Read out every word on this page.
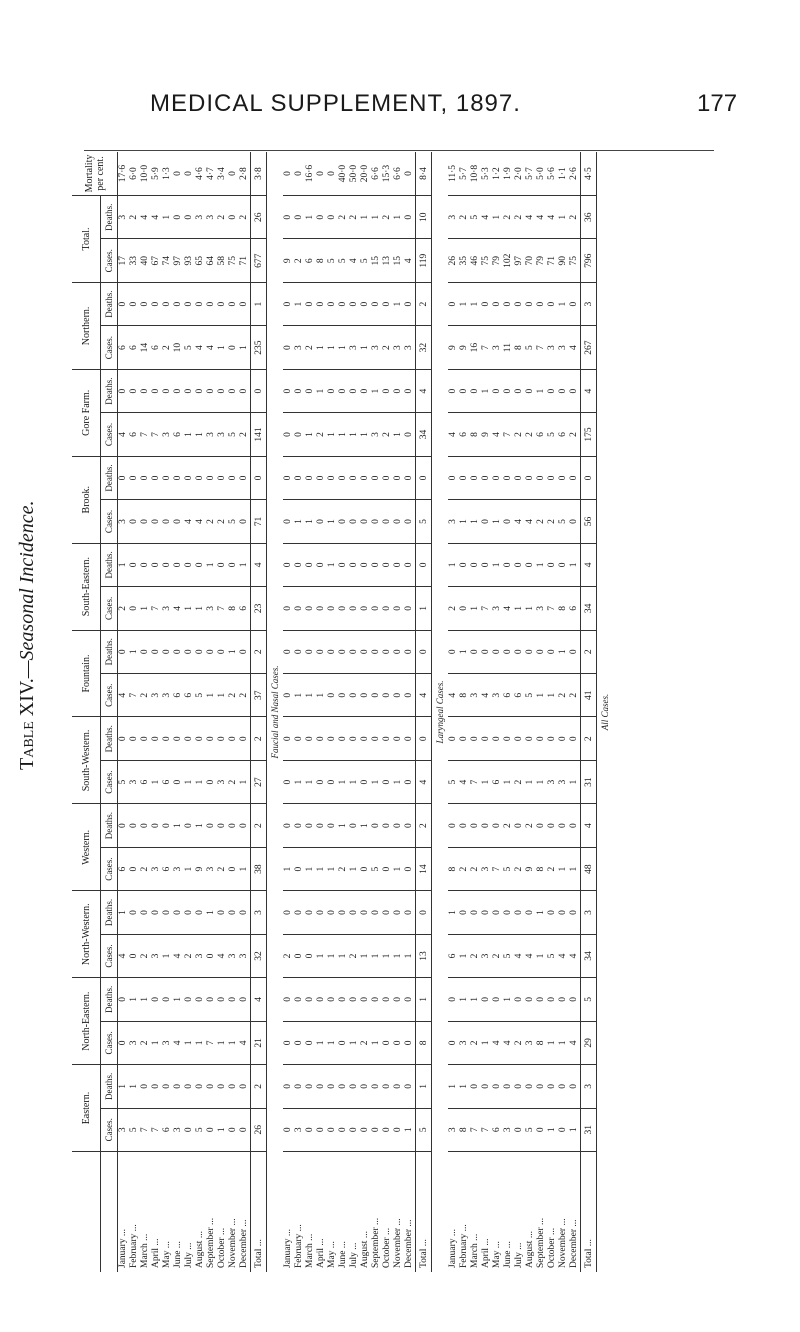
MEDICAL SUPPLEMENT, 1897.	177
Table XIV.—Seasonal Incidence.
	Eastern.		North-Eastern.		North-Western.		Western.		South-Western.		Fountain.		South-Eastern.		Brook.		Gore Farm.		Northern.		Total.		Mortality per cent.
	Cases.	Deaths.	Cases.	Deaths.	Cases.	Deaths.	Cases.	Deaths.	Cases.	Deaths.	Cases.	Deaths.	Cases.	Deaths.	Cases.	Deaths.	Cases.	Deaths.	Cases.	Deaths.	Cases.	Deaths.	
January ...	3	1	0	0	4	1	6	0	5	0	4	0	2	1	3	0	4	0	6	0	17	3	17·6
February ...	5	1	3	1	0	0	0	0	3	0	7	1	0	0	0	0	6	0	6	0	33	2	6·0
March ...	7	0	2	1	2	0	2	0	6	0	2	0	1	0	0	0	7	0	14	0	40	4	10·0
April ...	7	0	1	0	3	0	3	0	1	0	3	0	7	0	0	0	7	0	6	0	67	4	5·9
May ...	6	0	3	0	1	0	6	0	6	0	3	0	3	0	0	0	3	0	2	0	74	1	1·3
June ...	3	0	4	1	4	0	3	1	0	0	6	0	4	0	0	0	6	0	10	0	97	0	0
July ...	0	0	1	0	2	0	1	0	1	0	6	0	1	0	4	0	1	0	5	0	93	0	0
August ...	5	0	1	0	3	0	9	1	1	0	5	0	1	0	4	0	1	0	4	0	65	3	4·6
September ...	0	0	7	0	0	1	3	0	0	0	1	0	3	1	2	0	3	0	4	0	64	3	4·7
October ...	1	0	1	0	4	0	2	0	3	0	1	0	7	0	2	0	3	0	1	0	58	2	3·4
November ...	0	0	1	0	3	0	0	0	2	0	2	1	8	0	5	0	5	0	0	0	75	0	0
December ...	0	0	4	0	3	0	1	0	1	0	2	0	6	1	0	0	2	0	1	0	71	2	2·8
Total ...	26	2	21	4	32	3	38	2	27	2	37	2	23	4	71	0	141	0	235	1	677	26	3·8
Faucial and Nasal Cases.																							
January ...	0	0	0	0	2	0	1	0	0	0	0	0	0	0	0	0	0	0	0	0	9	0	0
February ...	3	0	0	0	0	0	0	0	1	0	1	0	0	0	1	0	0	0	3	1	2	0	0
March ...	0	0	0	0	0	0	1	0	1	0	1	0	0	0	1	0	1	0	2	0	6	1	16·6
April ...	0	0	1	0	1	0	1	0	0	0	1	0	0	0	0	0	2	1	1	0	8	0	0
May ...	0	0	1	0	1	0	1	0	0	0	0	0	0	1	1	0	1	0	1	0	5	0	0
June ...	0	0	0	0	1	0	2	1	1	0	0	0	0	0	0	0	1	0	1	0	5	2	40·0
July ...	0	0	1	0	2	0	1	0	1	0	0	0	0	0	0	0	1	0	3	0	4	2	50·0
August ...	0	0	2	0	1	0	0	1	0	0	0	0	0	0	0	0	1	0	1	0	5	1	20·0
September ...	0	0	1	0	1	0	5	0	1	0	0	0	0	0	0	0	3	1	3	0	15	1	6·6
October ...	0	0	0	0	1	0	0	0	0	0	0	0	0	0	0	0	2	0	2	0	13	2	15·3
November ...	0	0	0	0	1	0	1	0	1	0	0	0	0	0	0	0	1	0	3	1	15	1	6·6
December ...	1	0	0	0	1	0	0	0	0	0	0	0	0	0	0	0	0	0	3	0	4	0	0
Total ...	5	1	8	1	13	0	14	2	4	0	4	0	1	0	5	0	34	4	32	2	119	10	8·4
Laryngeal Cases.																							
January ...	3	1	0	0	6	1	8	0	5	0	4	0	2	1	3	0	4	0	9	0	26	3	11·5
February ...	8	1	3	1	1	0	2	0	4	0	8	1	0	0	1	0	6	0	9	1	35	2	5·7
March ...	7	0	2	1	2	0	2	0	7	0	3	0	1	0	1	0	8	0	16	1	46	5	10·8
April ...	7	0	1	0	3	0	3	0	1	0	4	0	7	0	0	0	9	1	7	0	75	4	5·3
May ...	6	0	4	0	2	0	7	0	6	0	3	0	3	1	1	0	4	0	3	0	79	1	1·2
June ...	3	0	4	1	5	0	5	2	1	0	6	0	4	0	0	0	7	0	11	0	102	2	1·9
July ...	0	0	2	0	4	0	2	0	2	0	6	0	1	0	4	0	2	0	8	0	97	2	2·0
August ...	5	0	3	0	4	0	9	2	1	0	5	0	1	0	4	0	2	0	5	0	70	4	5·7
September ...	0	0	8	0	1	1	8	0	1	0	1	0	3	1	2	0	6	1	7	0	79	4	5·0
October ...	1	0	1	0	5	0	2	0	3	0	1	0	7	0	2	0	5	0	3	0	71	4	5·6
November ...	0	0	1	0	4	0	1	0	3	0	2	1	8	0	5	0	6	0	3	1	90	1	1·1
December ...	1	0	4	0	4	0	1	0	1	0	2	0	6	1	0	0	2	0	4	0	75	2	2·6
Total ...	31	3	29	5	34	3	48	4	31	2	41	2	34	4	56	0	175	4	267	3	796	36	4·5
All Cases.																							
